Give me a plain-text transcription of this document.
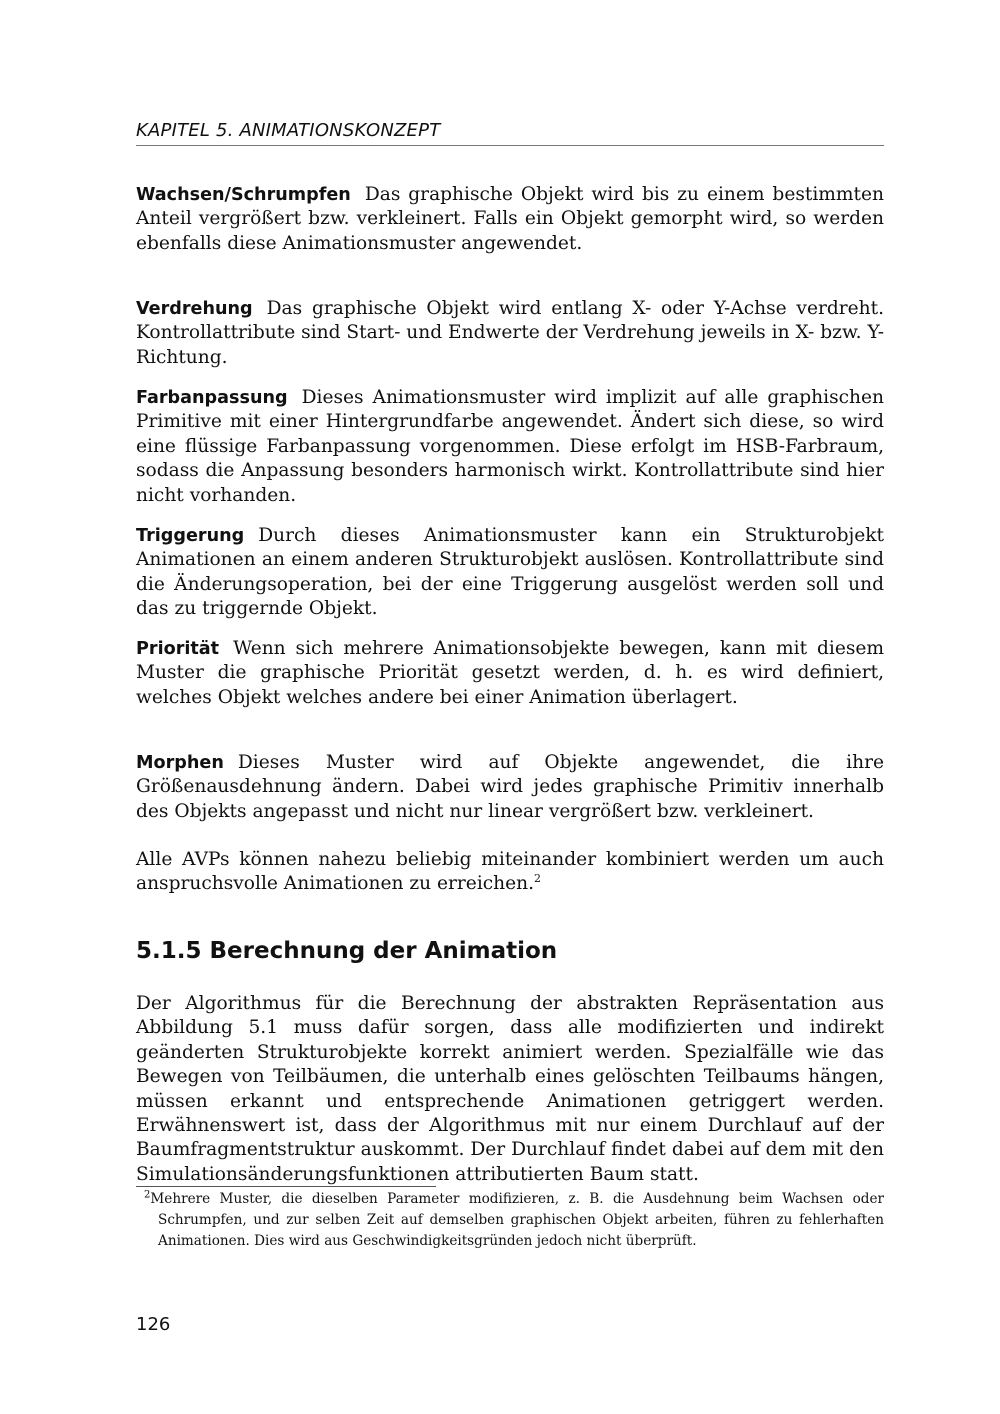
KAPITEL 5. ANIMATIONSKONZEPT

Wachsen/Schrumpfen Das graphische Objekt wird bis zu einem bestimmten Anteil vergrößert bzw. verkleinert. Falls ein Objekt gemorpht wird, so werden ebenfalls diese Animationsmuster angewendet.

Verdrehung Das graphische Objekt wird entlang X- oder Y-Achse verdreht. Kontrollattribute sind Start- und Endwerte der Verdrehung jeweils in X- bzw. Y-Richtung.

Farbanpassung Dieses Animationsmuster wird implizit auf alle graphischen Primitive mit einer Hintergrundfarbe angewendet. Ändert sich diese, so wird eine flüssige Farbanpassung vorgenommen. Diese erfolgt im HSB-Farbraum, sodass die Anpassung besonders harmonisch wirkt. Kontrollattribute sind hier nicht vorhanden.

Triggerung Durch dieses Animationsmuster kann ein Strukturobjekt Animationen an einem anderen Strukturobjekt auslösen. Kontrollattribute sind die Änderungsoperation, bei der eine Triggerung ausgelöst werden soll und das zu triggernde Objekt.

Priorität Wenn sich mehrere Animationsobjekte bewegen, kann mit diesem Muster die graphische Priorität gesetzt werden, d. h. es wird definiert, welches Objekt welches andere bei einer Animation überlagert.

Morphen Dieses Muster wird auf Objekte angewendet, die ihre Größenausdehnung ändern. Dabei wird jedes graphische Primitiv innerhalb des Objekts angepasst und nicht nur linear vergrößert bzw. verkleinert.

Alle AVPs können nahezu beliebig miteinander kombiniert werden um auch anspruchsvolle Animationen zu erreichen.$^2$

5.1.5 Berechnung der Animation

Der Algorithmus für die Berechnung der abstrakten Repräsentation aus Abbildung 5.1 muss dafür sorgen, dass alle modifizierten und indirekt geänderten Strukturobjekte korrekt animiert werden. Spezialfälle wie das Bewegen von Teilbäumen, die unterhalb eines gelöschten Teilbaums hängen, müssen erkannt und entsprechende Animationen getriggert werden. Erwähnenswert ist, dass der Algorithmus mit nur einem Durchlauf auf der Baumfragmentstruktur auskommt. Der Durchlauf findet dabei auf dem mit den Simulationsänderungsfunktionen attributierten Baum statt.

$^2$Mehrere Muster, die dieselben Parameter modifizieren, z. B. die Ausdehnung beim Wachsen oder Schrumpfen, und zur selben Zeit auf demselben graphischen Objekt arbeiten, führen zu fehlerhaften Animationen. Dies wird aus Geschwindigkeitsgründen jedoch nicht überprüft.

126
